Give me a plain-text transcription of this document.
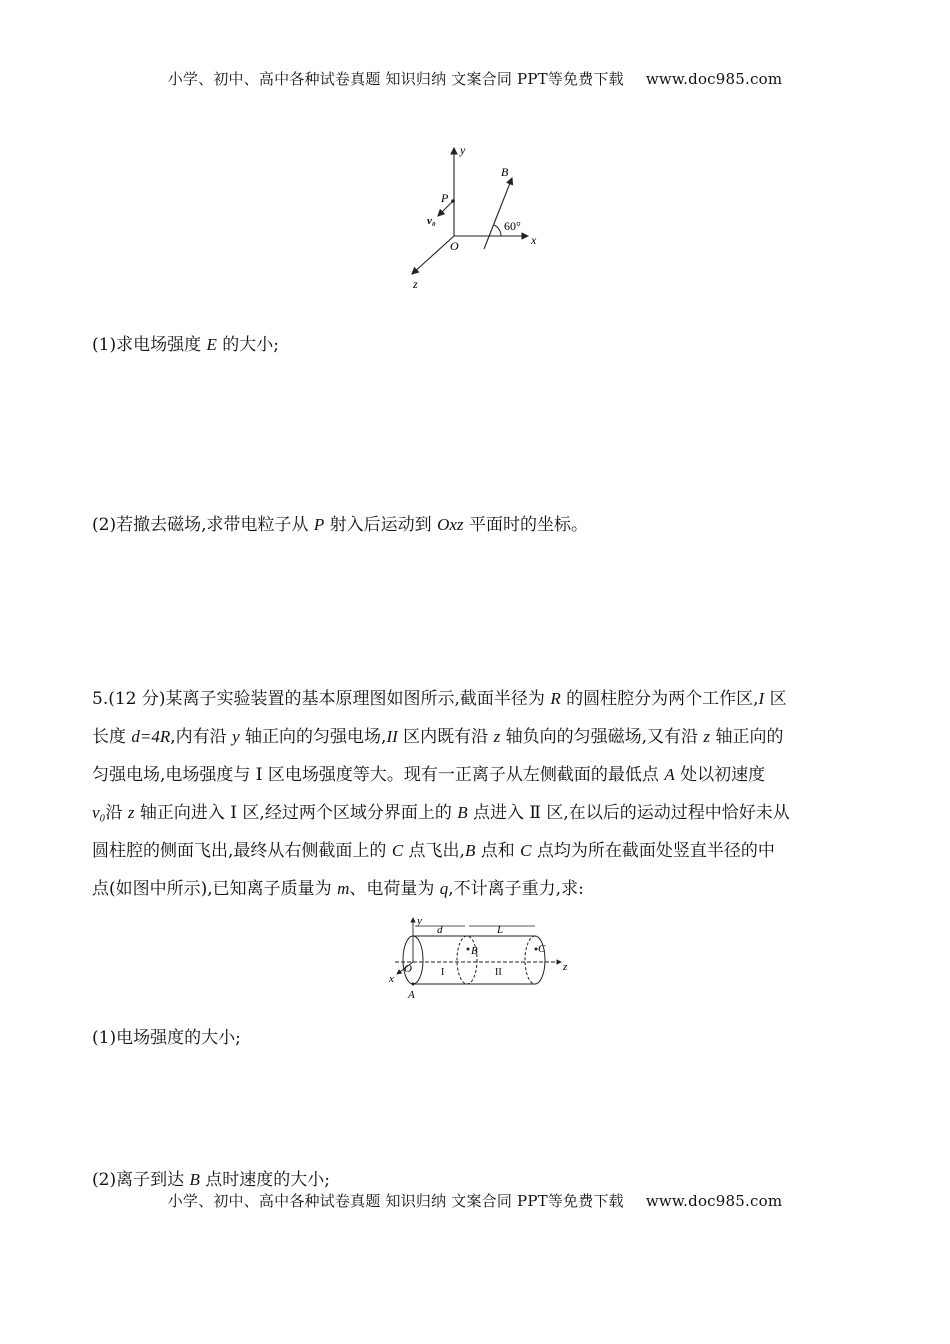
小学、初中、高中各种试卷真题 知识归纳 文案合同 PPT等免费下载 www.doc985.com
y
x
z
O
P
B
v₀	60°
(1)求电场强度 E 的大小;
(2)若撤去磁场,求带电粒子从 P 射入后运动到 Oxz 平面时的坐标。
5.(12 分)某离子实验装置的基本原理图如图所示,截面半径为 R 的圆柱腔分为两个工作区,I 区
长度 d=4R,内有沿 y 轴正向的匀强电场,II 区内既有沿 z 轴负向的匀强磁场,又有沿 z 轴正向的
匀强电场,电场强度与 Ⅰ 区电场强度等大。现有一正离子从左侧截面的最低点 A 处以初速度
v₀沿 z 轴正向进入 Ⅰ 区,经过两个区域分界面上的 B 点进入 Ⅱ 区,在以后的运动过程中恰好未从
圆柱腔的侧面飞出,最终从右侧截面上的 C 点飞出,B 点和 C 点均为所在截面处竖直半径的中
点(如图中所示),已知离子质量为 m、电荷量为 q,不计离子重力,求:
y
z
x
O
A
B	C
d	L
I	II
(1)电场强度的大小;
(2)离子到达 B 点时速度的大小;
小学、初中、高中各种试卷真题 知识归纳 文案合同 PPT等免费下载 www.doc985.com
